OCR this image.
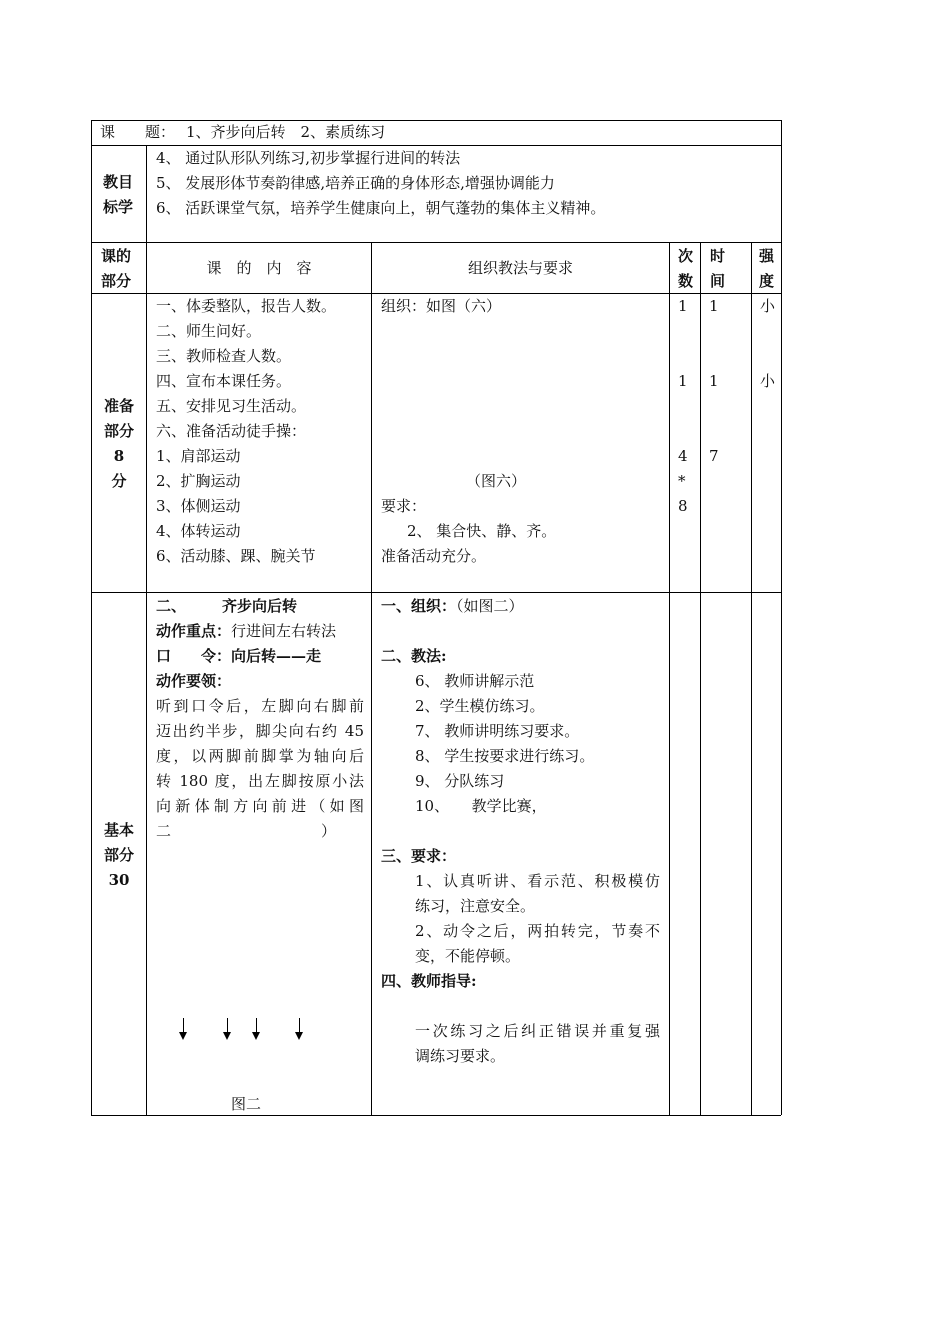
课　　题： 1、齐步向后转　2、素质练习
教目
标学
4、 通过队形队列练习,初步掌握行进间的转法
5、 发展形体节奏韵律感,培养正确的身体形态,增强协调能力
6、 活跃课堂气氛，培养学生健康向上，朝气蓬勃的集体主义精神。
课的
部分
课　的　内　容	组织教法与要求
次
数
时
间
强
度
准备
部分
8
分
一、体委整队，报告人数。
二、师生问好。
三、教师检查人数。
四、宣布本课任务。
五、安排见习生活动。
六、准备活动徒手操：
1、肩部运动
2、扩胸运动
3、体侧运动
4、体转运动
6、活动膝、踝、腕关节
组织：如图（六）
（图六）
要求：
2、 集合快、静、齐。
准备活动充分。
1
1
4
*
8
1
1
7
小
小
基本
部分
30
二、 齐步向后转
动作重点：行进间左右转法
口　　令：向后转——走
动作要领：
听到口令后，左脚向右脚前
迈出约半步，脚尖向右约 45
度，以两脚前脚掌为轴向后
转 180 度，出左脚按原小法
向新体制方向前进（如图
二　　　　　　　　　　）
图二
一、组织：（如图二）
二、教法:
6、 教师讲解示范
2、学生模仿练习。
7、 教师讲明练习要求。
8、 学生按要求进行练习。
9、 分队练习
10、　　教学比赛，
三、要求：
1、认真听讲、看示范、积极模仿
练习，注意安全。
2、动令之后，两拍转完，节奏不
变，不能停顿。
四、教师指导:
一次练习之后纠正错误并重复强
调练习要求。
